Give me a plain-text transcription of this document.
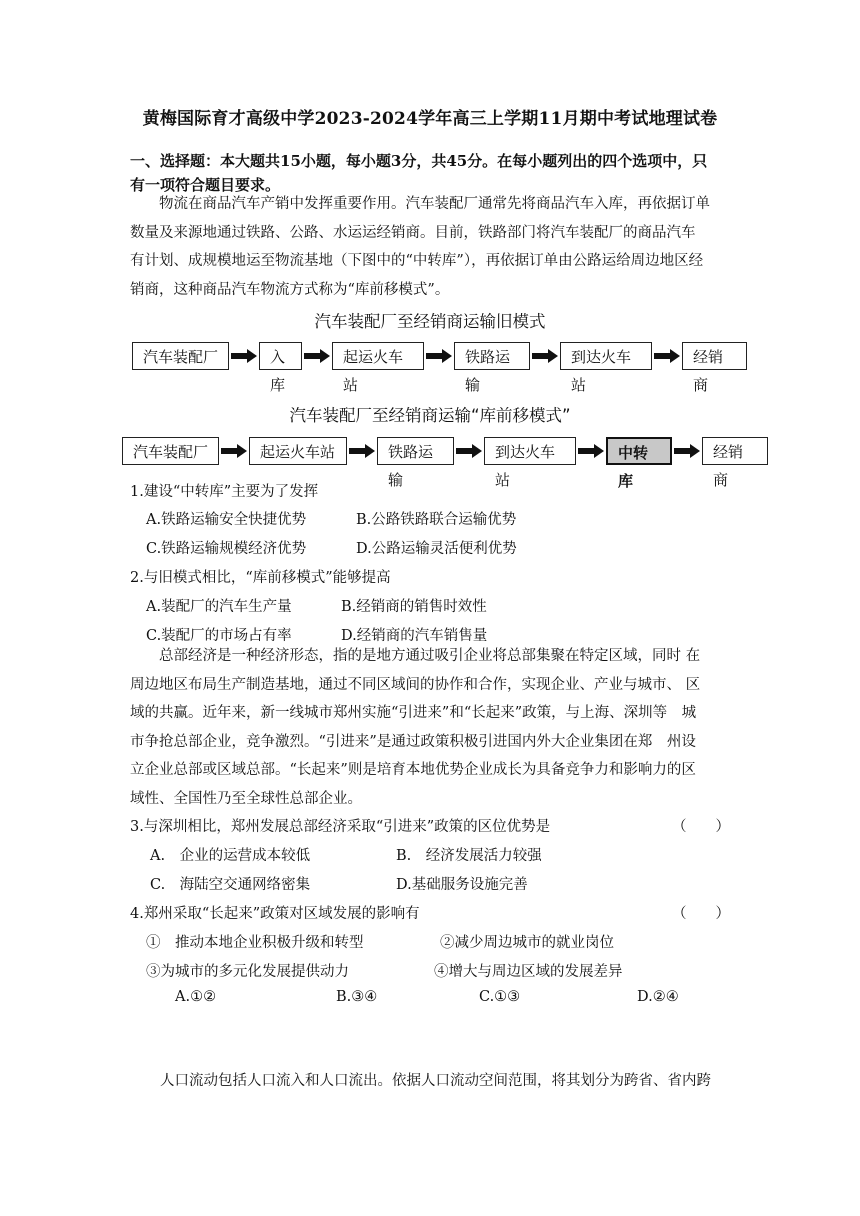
黄梅国际育才高级中学2023-2024学年高三上学期11月期中考试地理试卷
一、选择题：本大题共15小题，每小题3分，共45分。在每小题列出的四个选项中，只
有一项符合题目要求。
　　物流在商品汽车产销中发挥重要作用。汽车装配厂通常先将商品汽车入库，再依据订单
数量及来源地通过铁路、公路、水运运经销商。目前，铁路部门将汽车装配厂的商品汽车
有计划、成规模地运至物流基地（下图中的“中转库”），再依据订单由公路运给周边地区经
销商，这种商品汽车物流方式称为“库前移模式”。
汽车装配厂至经销商运输旧模式
汽车装配厂	入库
起运火车站
铁路运输
到达火车站
经销商
汽车装配厂至经销商运输“库前移模式”
汽车装配厂	起运火车站	铁路运输
到达火车站
中转库
经销商
1.建设“中转库”主要为了发挥
A.铁路运输安全快捷优势	B.公路铁路联合运输优势
C.铁路运输规模经济优势	D.公路运输灵活便利优势
2.与旧模式相比，“库前移模式”能够提高
A.装配厂的汽车生产量	B.经销商的销售时效性
C.装配厂的市场占有率	D.经销商的汽车销售量
　　总部经济是一种经济形态，指的是地方通过吸引企业将总部集聚在特定区域，同时 在
周边地区布局生产制造基地，通过不同区域间的协作和合作，实现企业、产业与城市、 区
域的共赢。近年来，新一线城市郑州实施“引进来”和“长起来”政策，与上海、深圳等　城
市争抢总部企业，竞争激烈。“引进来”是通过政策积极引进国内外大企业集团在郑　州设
立企业总部或区域总部。“长起来”则是培育本地优势企业成长为具备竞争力和影响力的区
域性、全国性乃至全球性总部企业。
3.与深圳相比，郑州发展总部经济采取“引进来”政策的区位优势是	（　　）
A.　企业的运营成本较低	B.　经济发展活力较强
C.　海陆空交通网络密集	D.基础服务设施完善
4.郑州采取“长起来”政策对区域发展的影响有	（　　）
①　推动本地企业积极升级和转型	②减少周边城市的就业岗位
③为城市的多元化发展提供动力	④增大与周边区域的发展差异
A.①②	B.③④	C.①③	D.②④
人口流动包括人口流入和人口流出。依据人口流动空间范围，将其划分为跨省、省内跨
